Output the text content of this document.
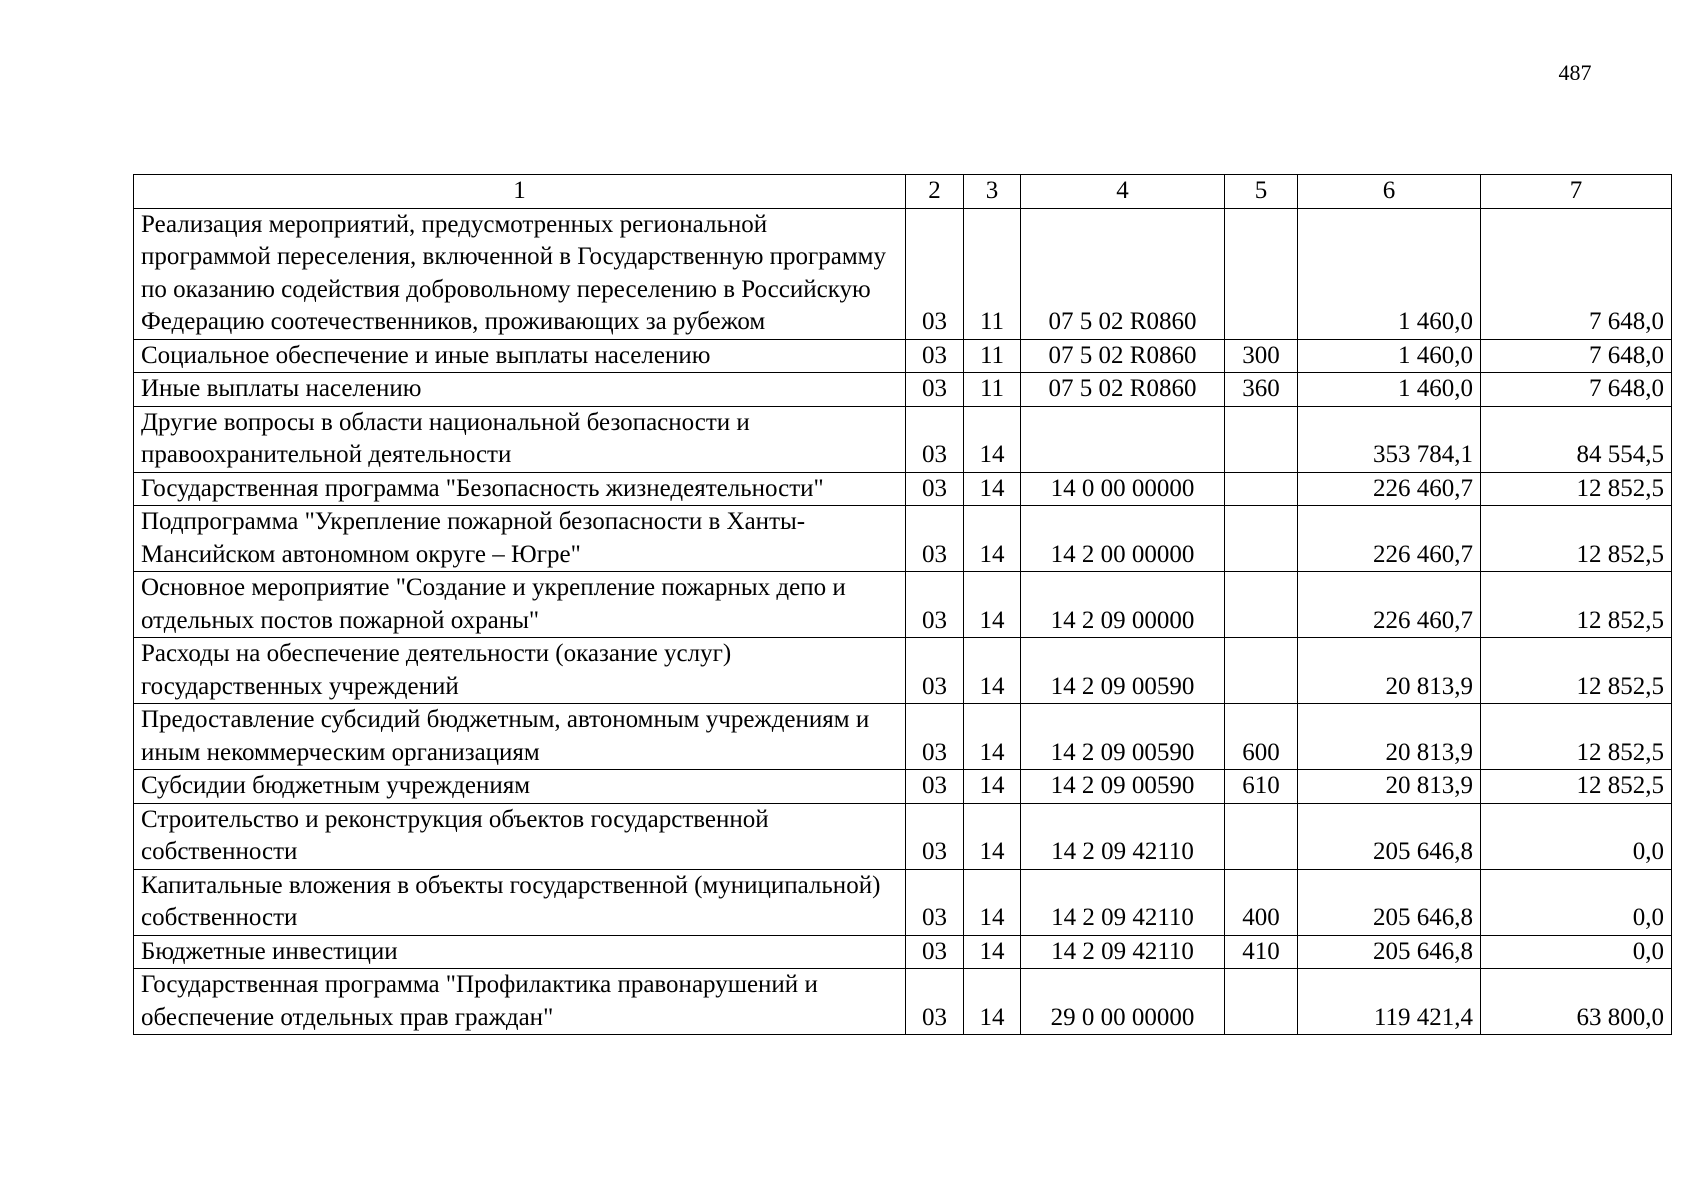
487
1	2	3	4	5	6	7
Реализация мероприятий, предусмотренных региональной программой переселения, включенной в Государственную программу по оказанию содействия добровольному переселению в Российскую Федерацию соотечественников, проживающих за рубежом	03	11	07 5 02 R0860		1 460,0	7 648,0
Социальное обеспечение и иные выплаты населению	03	11	07 5 02 R0860	300	1 460,0	7 648,0
Иные выплаты населению	03	11	07 5 02 R0860	360	1 460,0	7 648,0
Другие вопросы в области национальной безопасности и правоохранительной деятельности	03	14			353 784,1	84 554,5
Государственная программа "Безопасность жизнедеятельности"	03	14	14 0 00 00000		226 460,7	12 852,5
Подпрограмма "Укрепление пожарной безопасности в Ханты-Мансийском автономном округе – Югре"	03	14	14 2 00 00000		226 460,7	12 852,5
Основное мероприятие "Создание и укрепление пожарных депо и отдельных постов пожарной охраны"	03	14	14 2 09 00000		226 460,7	12 852,5
Расходы на обеспечение деятельности (оказание услуг) государственных учреждений	03	14	14 2 09 00590		20 813,9	12 852,5
Предоставление субсидий бюджетным, автономным учреждениям и иным некоммерческим организациям	03	14	14 2 09 00590	600	20 813,9	12 852,5
Субсидии бюджетным учреждениям	03	14	14 2 09 00590	610	20 813,9	12 852,5
Строительство и реконструкция объектов государственной собственности	03	14	14 2 09 42110		205 646,8	0,0
Капитальные вложения в объекты государственной (муниципальной) собственности	03	14	14 2 09 42110	400	205 646,8	0,0
Бюджетные инвестиции	03	14	14 2 09 42110	410	205 646,8	0,0
Государственная программа "Профилактика правонарушений и обеспечение отдельных прав граждан"	03	14	29 0 00 00000		119 421,4	63 800,0
